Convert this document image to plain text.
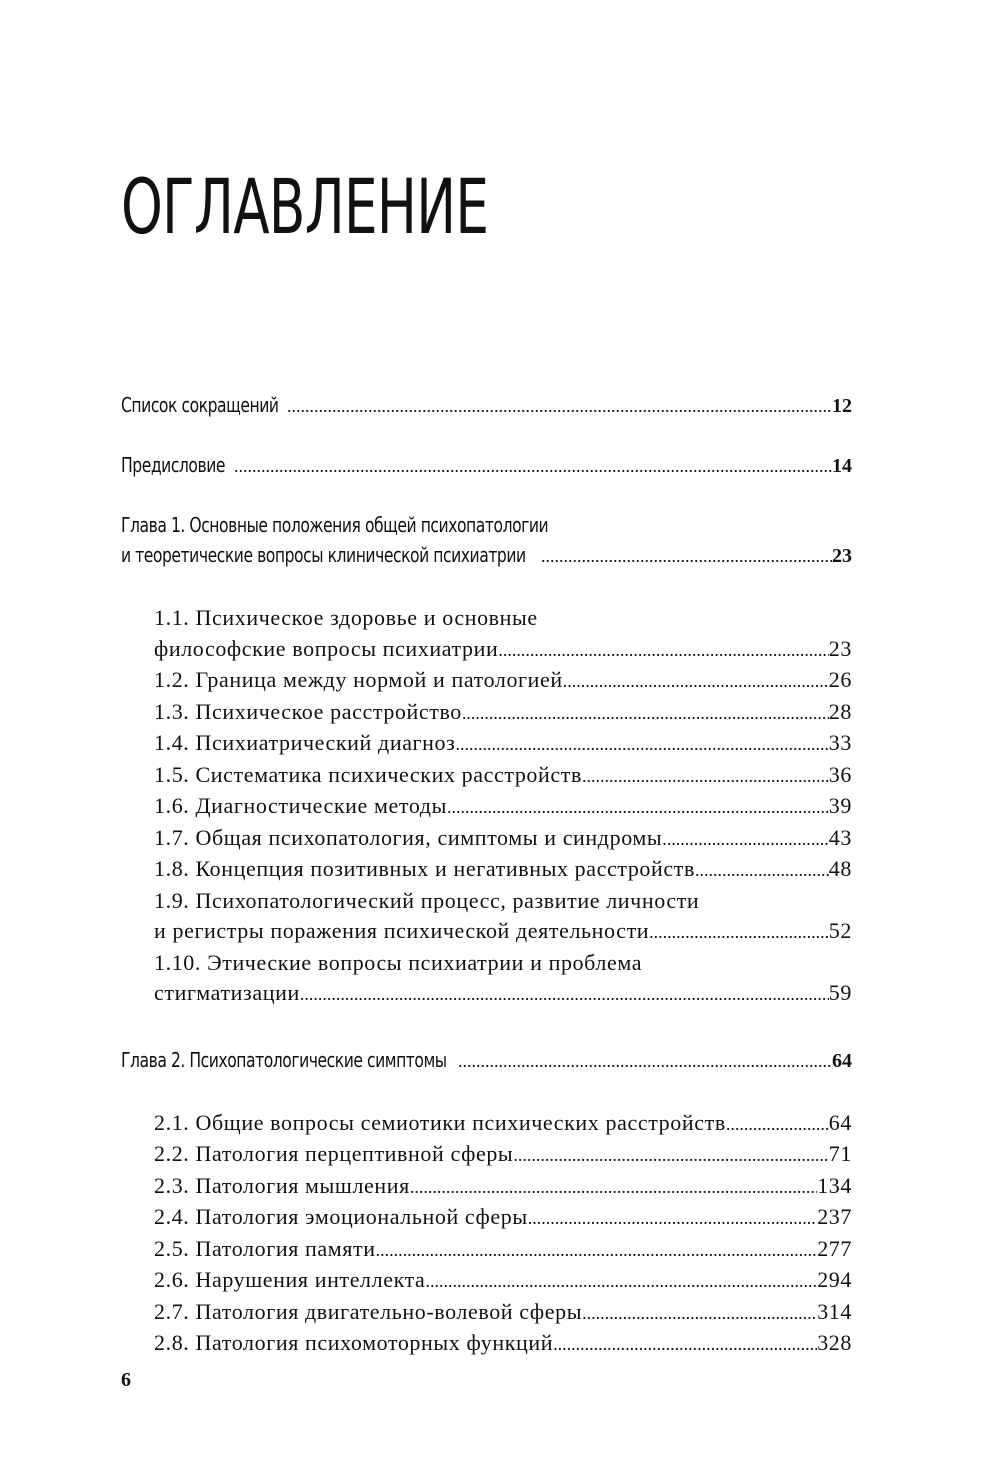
ОГЛАВЛЕНИЕ
Список сокращений .....	12
Предисловие .....	14
Глава 1. Основные положения общей психопатологии
и теоретические вопросы клинической психиатрии .....	23
1.1. Психическое здоровье и основные
философские вопросы психиатрии .....	23
1.2. Граница между нормой и патологией .....	26
1.3. Психическое расстройство .....	28
1.4. Психиатрический диагноз .....	33
1.5. Систематика психических расстройств .....	36
1.6. Диагностические методы .....	39
1.7. Общая психопатология, симптомы и синдромы .....	43
1.8. Концепция позитивных и негативных расстройств .....	48
1.9. Психопатологический процесс, развитие личности
и регистры поражения психической деятельности .....	52
1.10. Этические вопросы психиатрии и проблема
стигматизации .....	59
Глава 2. Психопатологические симптомы .....	64
2.1. Общие вопросы семиотики психических расстройств .....	64
2.2. Патология перцептивной сферы .....	71
2.3. Патология мышления .....	134
2.4. Патология эмоциональной сферы .....	237
2.5. Патология памяти .....	277
2.6. Нарушения интеллекта .....	294
2.7. Патология двигательно-волевой сферы .....	314
2.8. Патология психомоторных функций .....	328
6
